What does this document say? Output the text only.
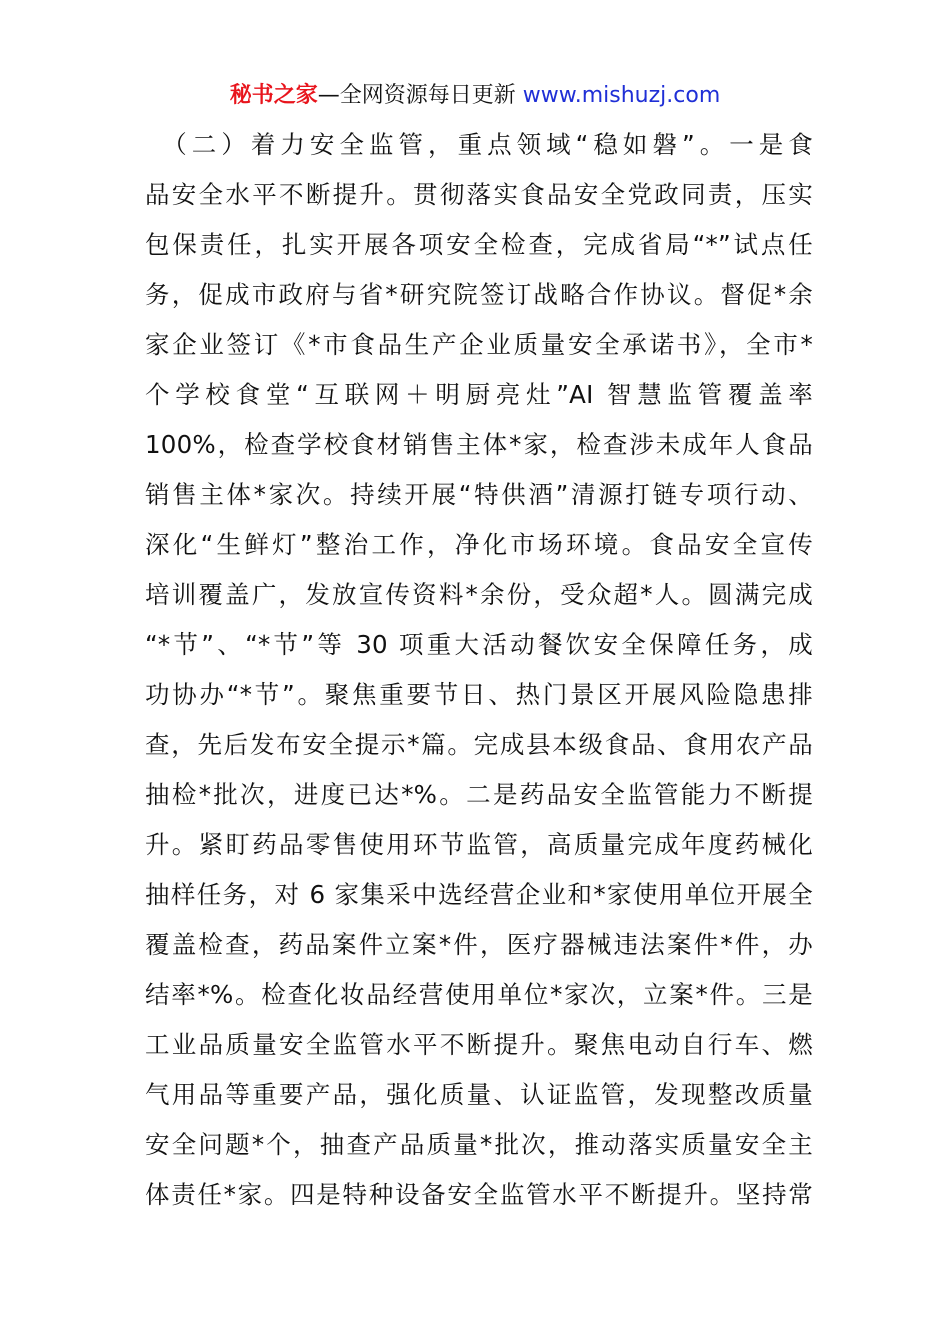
秘书之家—全网资源每日更新 www.mishuzj.com
　（二）着力安全监管，重点领域“稳如磐”。一是食
品安全水平不断提升。贯彻落实食品安全党政同责，压实
包保责任，扎实开展各项安全检查，完成省局“*”试点任
务，促成市政府与省*研究院签订战略合作协议。督促*余
家企业签订《*市食品生产企业质量安全承诺书》，全市*
个学校食堂“互联网＋明厨亮灶”AI 智慧监管覆盖率
100%，检查学校食材销售主体*家，检查涉未成年人食品
销售主体*家次。持续开展“特供酒”清源打链专项行动、
深化“生鲜灯”整治工作，净化市场环境。食品安全宣传
培训覆盖广，发放宣传资料*余份，受众超*人。圆满完成
“*节”、“*节”等 30 项重大活动餐饮安全保障任务，成
功协办“*节”。聚焦重要节日、热门景区开展风险隐患排
查，先后发布安全提示*篇。完成县本级食品、食用农产品
抽检*批次，进度已达*%。二是药品安全监管能力不断提
升。紧盯药品零售使用环节监管，高质量完成年度药械化
抽样任务，对 6 家集采中选经营企业和*家使用单位开展全
覆盖检查，药品案件立案*件，医疗器械违法案件*件，办
结率*%。检查化妆品经营使用单位*家次，立案*件。三是
工业品质量安全监管水平不断提升。聚焦电动自行车、燃
气用品等重要产品，强化质量、认证监管，发现整改质量
安全问题*个，抽查产品质量*批次，推动落实质量安全主
体责任*家。四是特种设备安全监管水平不断提升。坚持常
